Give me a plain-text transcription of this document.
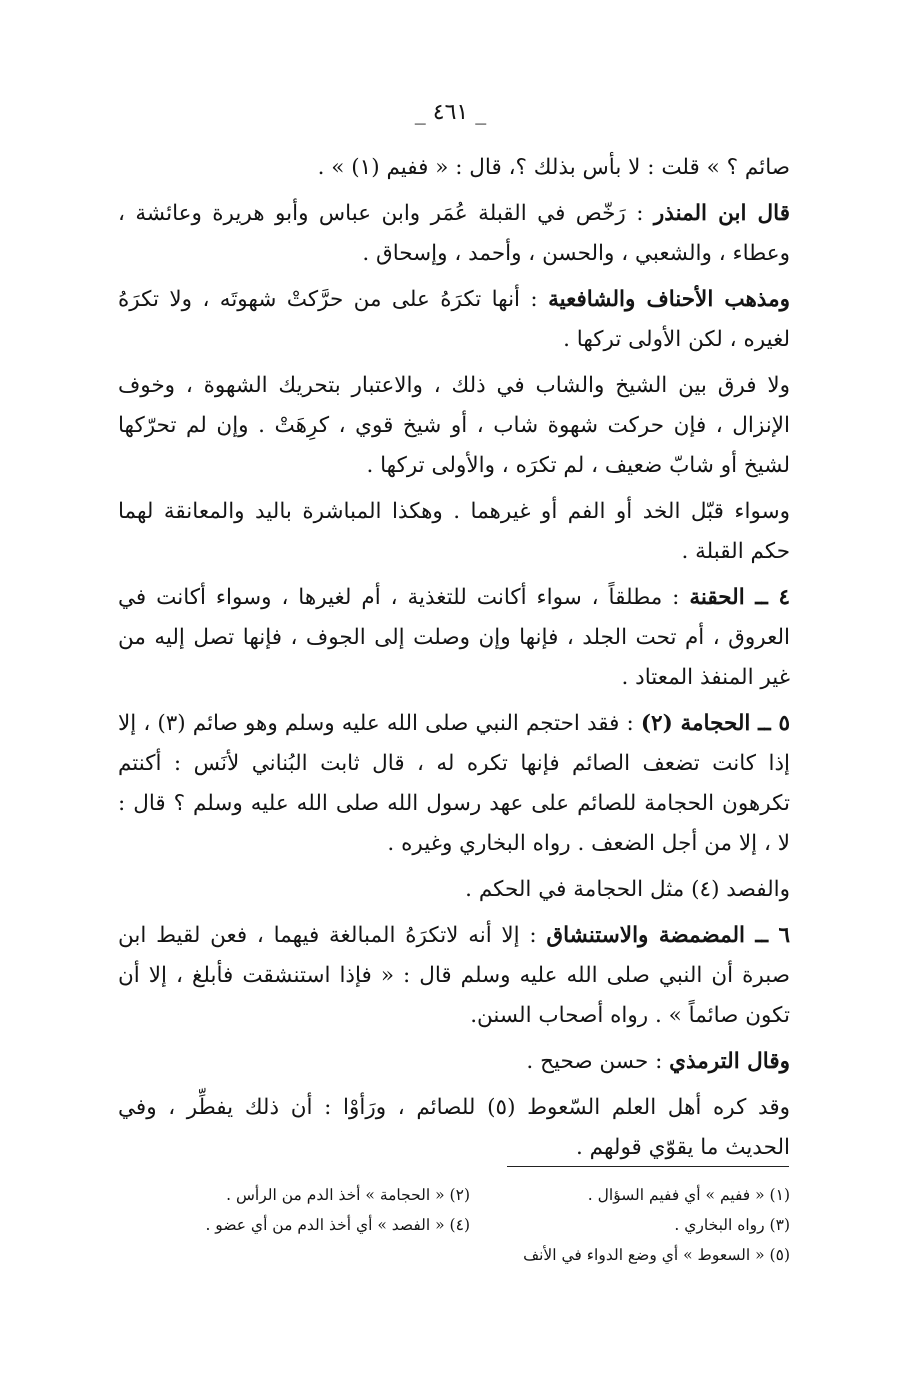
_ ٤٦١ _

صائم ؟ » قلت : لا بأس بذلك ؟، قال : « ففيم (١) » .

قال ابن المنذر : رَخّص في القبلة عُمَر وابن عباس وأبو هريرة وعائشة ، وعطاء ، والشعبي ، والحسن ، وأحمد ، وإسحاق .

ومذهب الأحناف والشافعية : أنها تكرَهُ على من حرَّكتْ شهوتَه ، ولا تكرَهُ لغيره ، لكن الأولى تركها .

ولا فرق بين الشيخ والشاب في ذلك ، والاعتبار بتحريك الشهوة ، وخوف الإنزال ، فإن حركت شهوة شاب ، أو شيخ قوي ، كرِهَتْ . وإن لم تحرّكها لشيخ أو شابّ ضعيف ، لم تكرَه ، والأولى تركها .

وسواء قبّل الخد أو الفم أو غيرهما . وهكذا المباشرة باليد والمعانقة لهما حكم القبلة .

٤ ــ الحقنة : مطلقاً ، سواء أكانت للتغذية ، أم لغيرها ، وسواء أكانت في العروق ، أم تحت الجلد ، فإنها وإن وصلت إلى الجوف ، فإنها تصل إليه من غير المنفذ المعتاد .

٥ ــ الحجامة (٢) : فقد احتجم النبي صلى الله عليه وسلم وهو صائم (٣) ، إلا إذا كانت تضعف الصائم فإنها تكره له ، قال ثابت البُناني لأنَس : أكنتم تكرهون الحجامة للصائم على عهد رسول الله صلى الله عليه وسلم ؟ قال : لا ، إلا من أجل الضعف . رواه البخاري وغيره .

والفصد (٤) مثل الحجامة في الحكم .

٦ ــ المضمضة والاستنشاق : إلا أنه لاتكرَهُ المبالغة فيهما ، فعن لقيط ابن صبرة أن النبي صلى الله عليه وسلم قال : « فإذا استنشقت فأبلغ ، إلا أن تكون صائماً » . رواه أصحاب السنن.

وقال الترمذي : حسن صحيح .

وقد كره أهل العلم السّعوط (٥) للصائم ، ورَأوْا : أن ذلك يفطِّر ، وفي الحديث ما يقوّي قولهم .

(١) « ففيم » أي ففيم السؤال .
(٢) « الحجامة » أخذ الدم من الرأس .
(٣) رواه البخاري .
(٤) « الفصد » أي أخذ الدم من أي عضو .
(٥) « السعوط » أي وضع الدواء في الأنف
